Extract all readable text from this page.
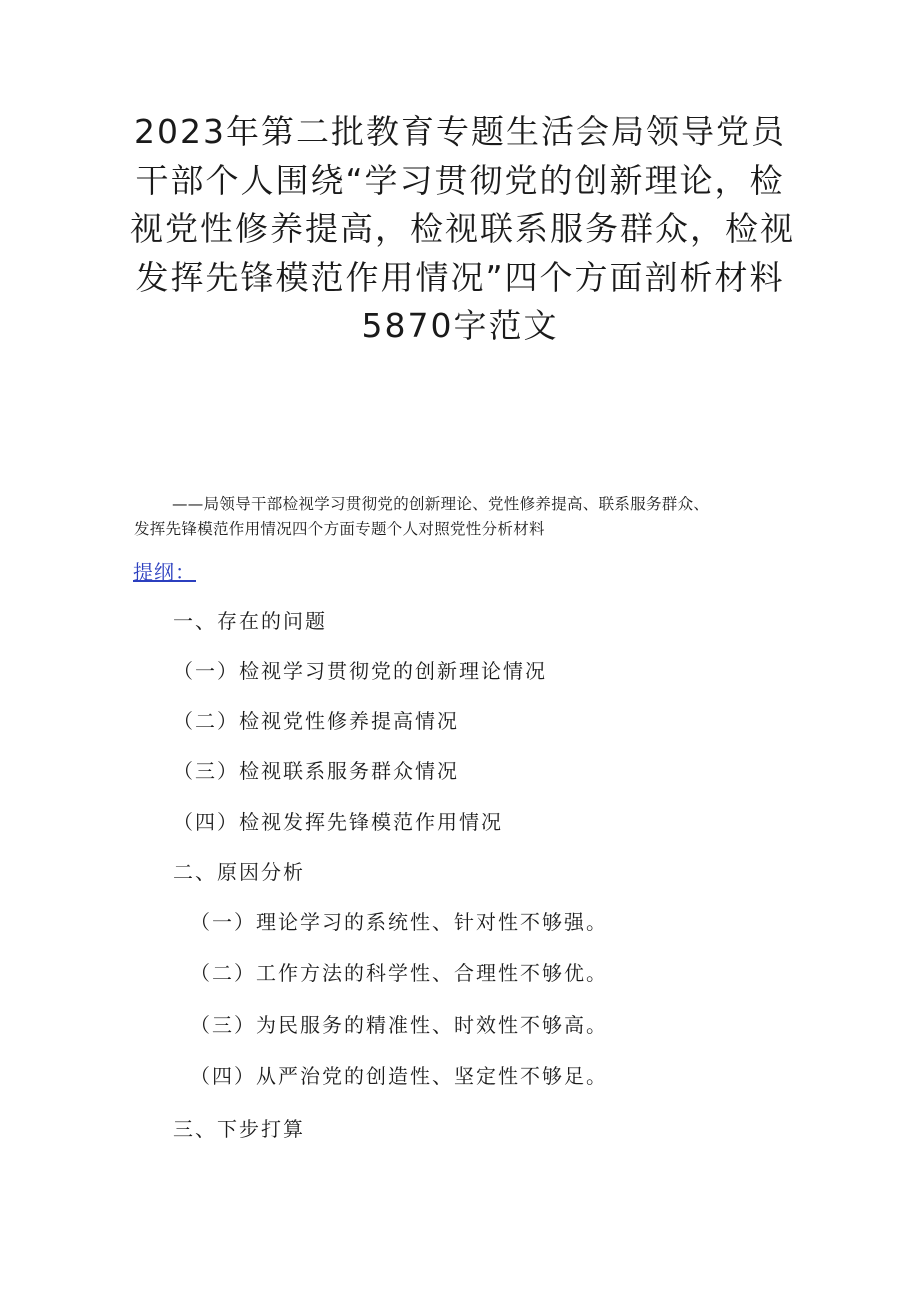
2023年第二批教育专题生活会局领导党员
干部个人围绕“学习贯彻党的创新理论，检
视党性修养提高，检视联系服务群众，检视
发挥先锋模范作用情况”四个方面剖析材料
5870字范文
——局领导干部检视学习贯彻党的创新理论、党性修养提高、联系服务群众、
发挥先锋模范作用情况四个方面专题个人对照党性分析材料
提纲：
一、存在的问题
（一）检视学习贯彻党的创新理论情况
（二）检视党性修养提高情况
（三）检视联系服务群众情况
（四）检视发挥先锋模范作用情况
二、原因分析
（一）理论学习的系统性、针对性不够强。
（二）工作方法的科学性、合理性不够优。
（三）为民服务的精准性、时效性不够高。
（四）从严治党的创造性、坚定性不够足。
三、下步打算
